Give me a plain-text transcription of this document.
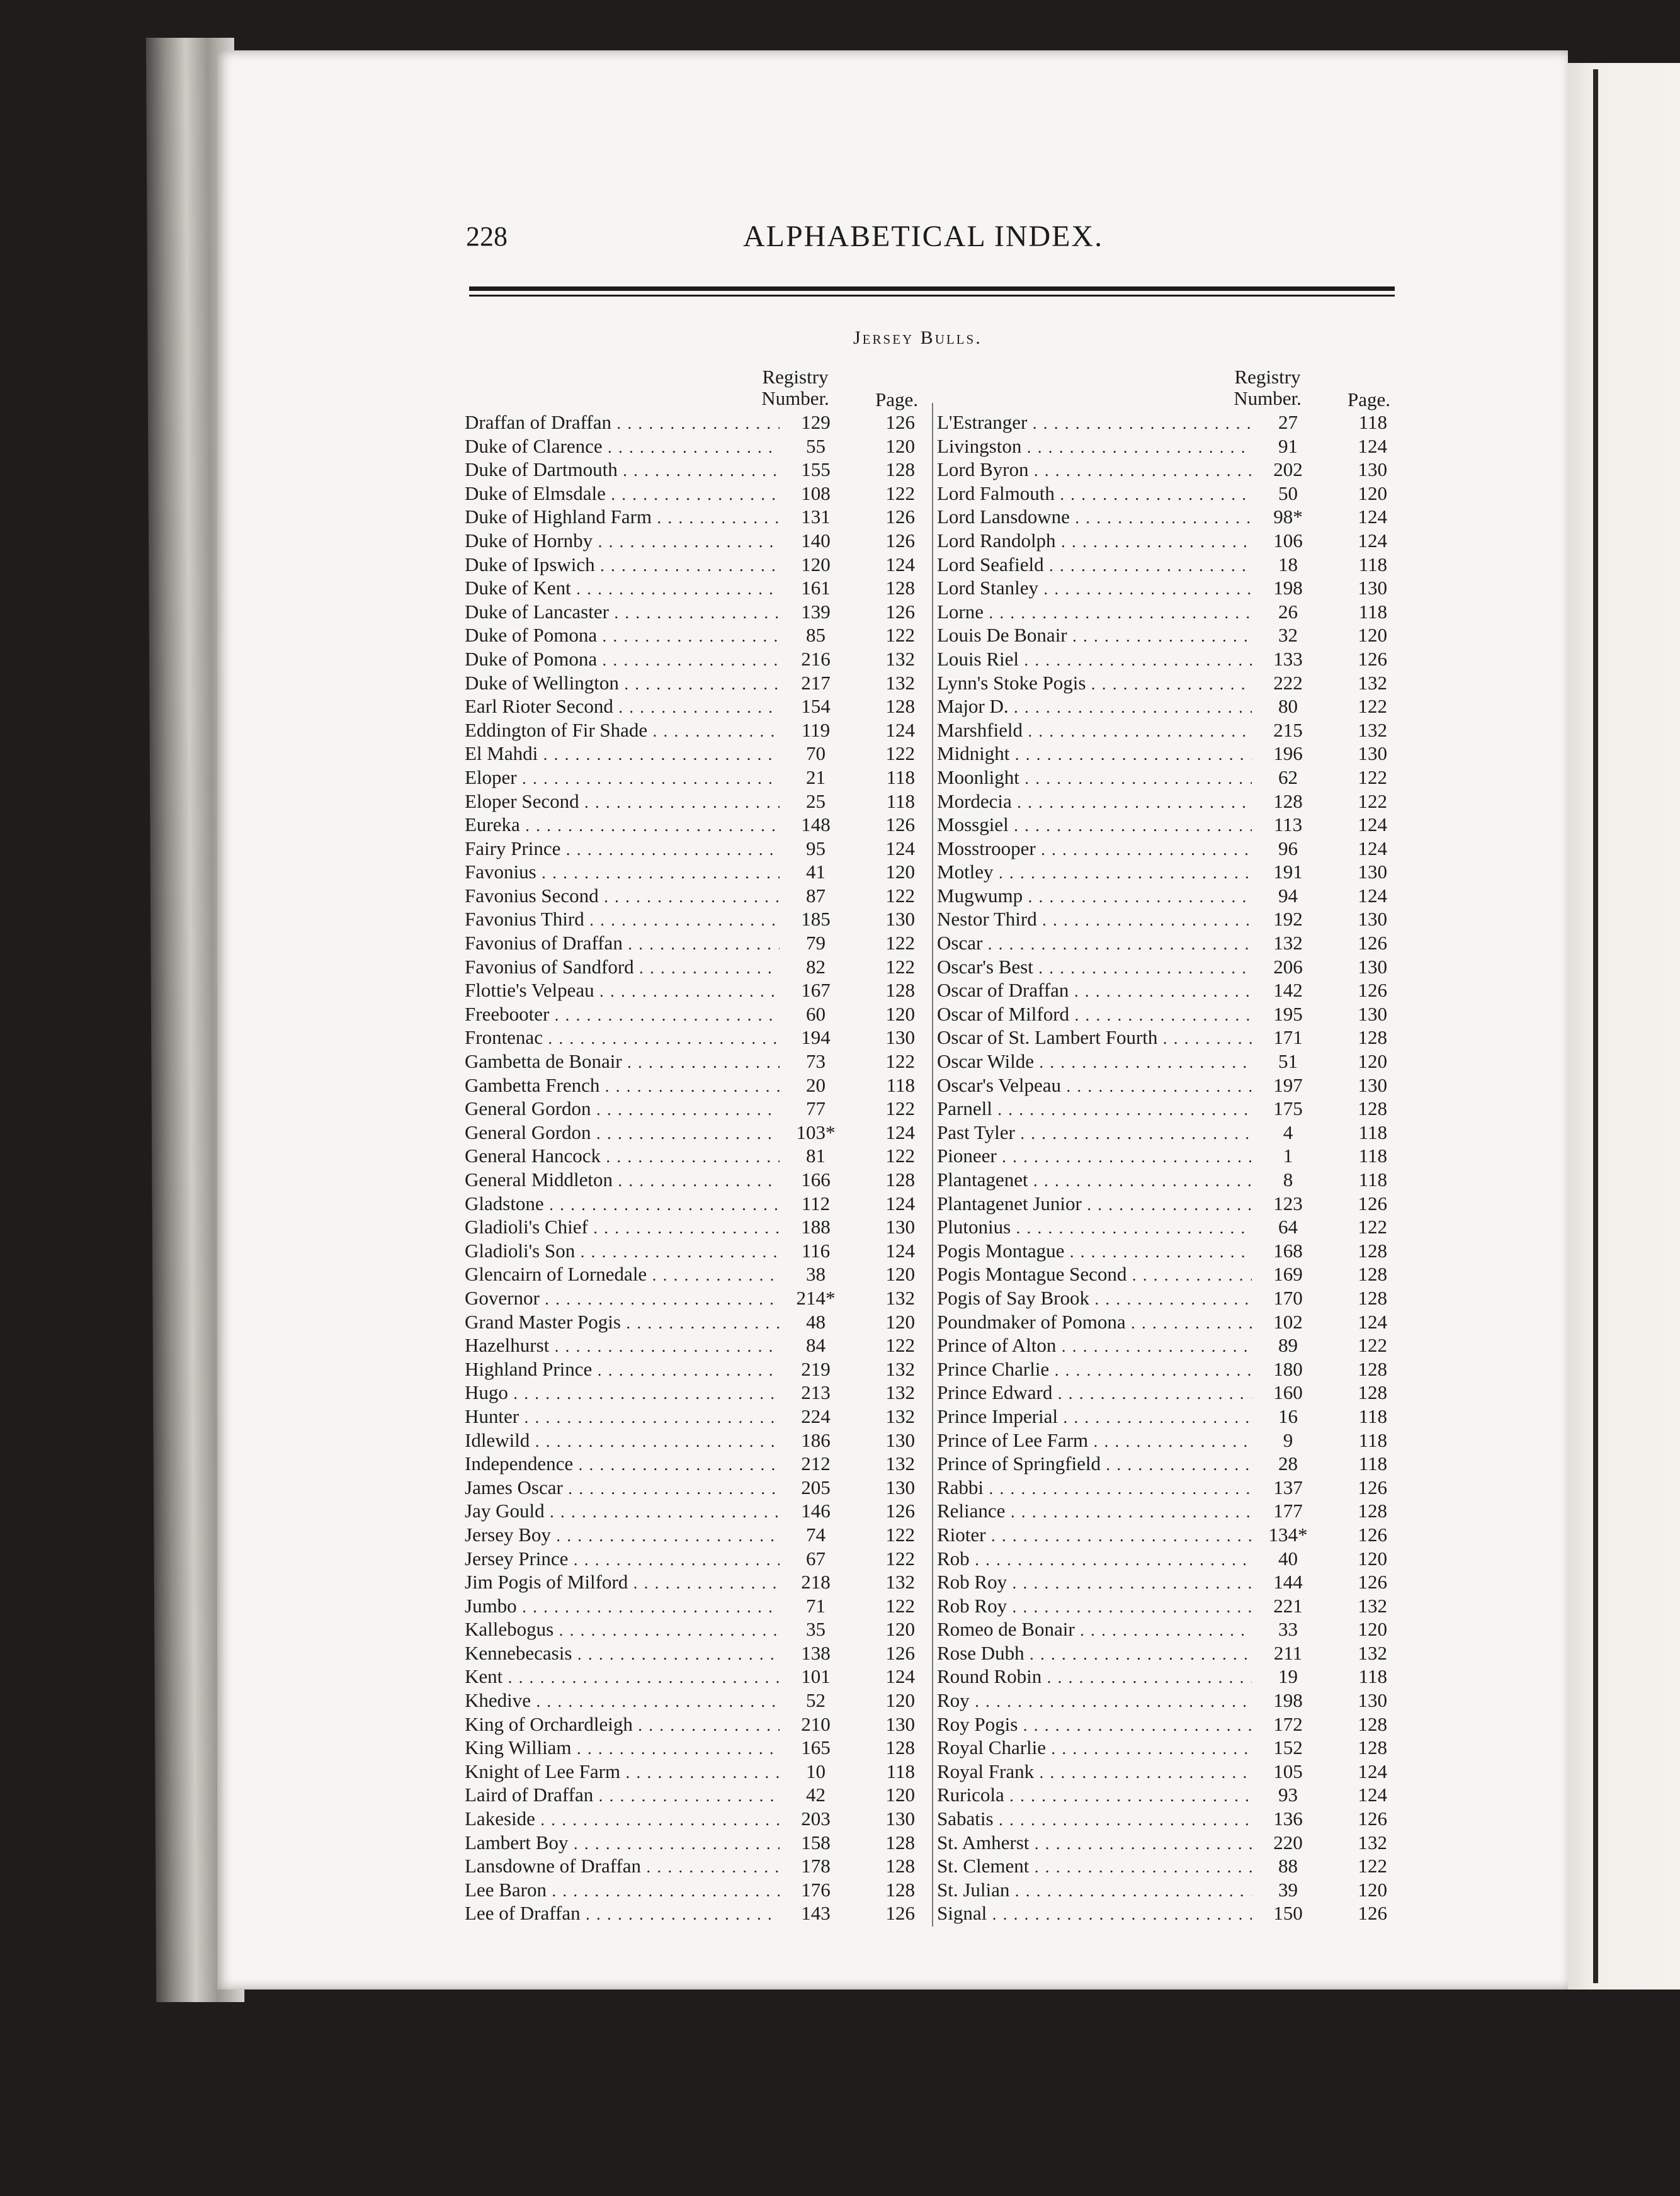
228	ALPHABETICAL INDEX.
Jersey Bulls.
Registry
Number.	Page.
Draffan of Draffan . . .	129	126
Duke of Clarence . . .	55	120
Duke of Dartmouth . . .	155	128
Duke of Elmsdale . . .	108	122
Duke of Highland Farm . . .	131	126
Duke of Hornby . . .	140	126
Duke of Ipswich . . .	120	124
Duke of Kent . . .	161	128
Duke of Lancaster . . .	139	126
Duke of Pomona . . .	85	122
Duke of Pomona . . .	216	132
Duke of Wellington . . .	217	132
Earl Rioter Second . . .	154	128
Eddington of Fir Shade . . .	119	124
El Mahdi . . .	70	122
Eloper . . .	21	118
Eloper Second . . .	25	118
Eureka . . .	148	126
Fairy Prince . . .	95	124
Favonius . . .	41	120
Favonius Second . . .	87	122
Favonius Third . . .	185	130
Favonius of Draffan . . .	79	122
Favonius of Sandford . . .	82	122
Flottie's Velpeau . . .	167	128
Freebooter . . .	60	120
Frontenac . . .	194	130
Gambetta de Bonair . . .	73	122
Gambetta French . . .	20	118
General Gordon . . .	77	122
General Gordon . . .	103*	124
General Hancock . . .	81	122
General Middleton . . .	166	128
Gladstone . . .	112	124
Gladioli's Chief . . .	188	130
Gladioli's Son . . .	116	124
Glencairn of Lornedale . . .	38	120
Governor . . .	214*	132
Grand Master Pogis . . .	48	120
Hazelhurst . . .	84	122
Highland Prince . . .	219	132
Hugo . . .	213	132
Hunter . . .	224	132
Idlewild . . .	186	130
Independence . . .	212	132
James Oscar . . .	205	130
Jay Gould . . .	146	126
Jersey Boy . . .	74	122
Jersey Prince . . .	67	122
Jim Pogis of Milford . . .	218	132
Jumbo . . .	71	122
Kallebogus . . .	35	120
Kennebecasis . . .	138	126
Kent . . .	101	124
Khedive . . .	52	120
King of Orchardleigh . . .	210	130
King William . . .	165	128
Knight of Lee Farm . . .	10	118
Laird of Draffan . . .	42	120
Lakeside . . .	203	130
Lambert Boy . . .	158	128
Lansdowne of Draffan . . .	178	128
Lee Baron . . .	176	128
Lee of Draffan . . .	143	126
Registry
Number.	Page.
L'Estranger . . .	27	118
Livingston . . .	91	124
Lord Byron . . .	202	130
Lord Falmouth . . .	50	120
Lord Lansdowne . . .	98*	124
Lord Randolph . . .	106	124
Lord Seafield . . .	18	118
Lord Stanley . . .	198	130
Lorne . . .	26	118
Louis De Bonair . . .	32	120
Louis Riel . . .	133	126
Lynn's Stoke Pogis . . .	222	132
Major D. . . .	80	122
Marshfield . . .	215	132
Midnight . . .	196	130
Moonlight . . .	62	122
Mordecia . . .	128	122
Mossgiel . . .	113	124
Mosstrooper . . .	96	124
Motley . . .	191	130
Mugwump . . .	94	124
Nestor Third . . .	192	130
Oscar . . .	132	126
Oscar's Best . . .	206	130
Oscar of Draffan . . .	142	126
Oscar of Milford . . .	195	130
Oscar of St. Lambert Fourth . . .	171	128
Oscar Wilde . . .	51	120
Oscar's Velpeau . . .	197	130
Parnell . . .	175	128
Past Tyler . . .	4	118
Pioneer . . .	1	118
Plantagenet . . .	8	118
Plantagenet Junior . . .	123	126
Plutonius . . .	64	122
Pogis Montague . . .	168	128
Pogis Montague Second . . .	169	128
Pogis of Say Brook . . .	170	128
Poundmaker of Pomona . . .	102	124
Prince of Alton . . .	89	122
Prince Charlie . . .	180	128
Prince Edward . . .	160	128
Prince Imperial . . .	16	118
Prince of Lee Farm . . .	9	118
Prince of Springfield . . .	28	118
Rabbi . . .	137	126
Reliance . . .	177	128
Rioter . . .	134*	126
Rob . . .	40	120
Rob Roy . . .	144	126
Rob Roy . . .	221	132
Romeo de Bonair . . .	33	120
Rose Dubh . . .	211	132
Round Robin . . .	19	118
Roy . . .	198	130
Roy Pogis . . .	172	128
Royal Charlie . . .	152	128
Royal Frank . . .	105	124
Ruricola . . .	93	124
Sabatis . . .	136	126
St. Amherst . . .	220	132
St. Clement . . .	88	122
St. Julian . . .	39	120
Signal . . .	150	126
